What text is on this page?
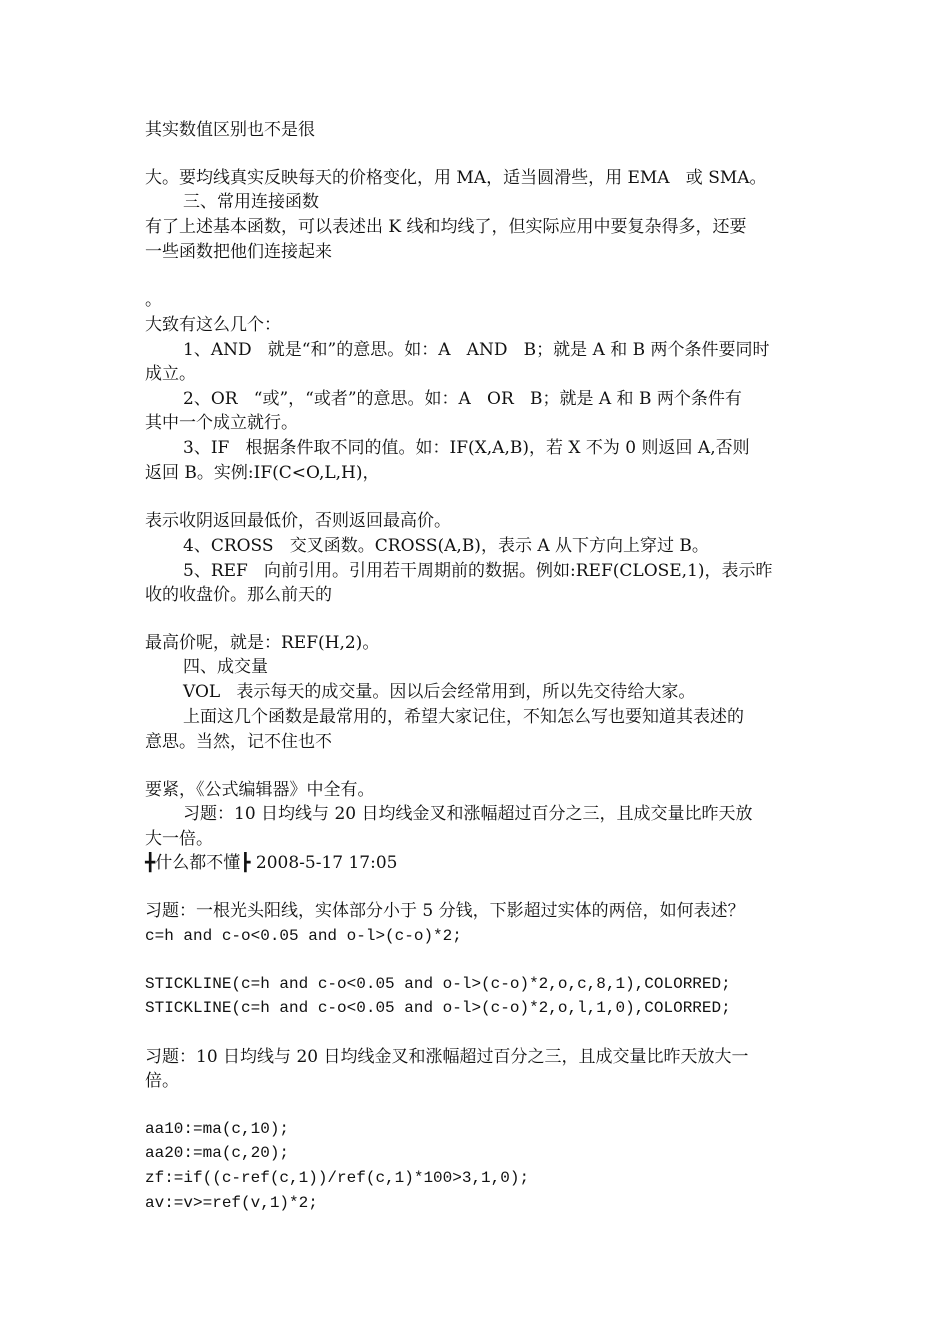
其实数值区别也不是很
大。要均线真实反映每天的价格变化，用 MA，适当圆滑些，用 EMA   或 SMA。
三、常用连接函数
有了上述基本函数，可以表述出 K 线和均线了，但实际应用中要复杂得多，还要
一些函数把他们连接起来
。
大致有这么几个：
1、AND   就是“和”的意思。如：A   AND   B；就是 A 和 B 两个条件要同时
成立。
2、OR   “或”，“或者”的意思。如：A   OR   B；就是 A 和 B 两个条件有
其中一个成立就行。
3、IF   根据条件取不同的值。如：IF(X,A,B)，若 X 不为 0 则返回 A,否则
返回 B。实例:IF(C<O,L,H)，
表示收阴返回最低价，否则返回最高价。
4、CROSS   交叉函数。CROSS(A,B)，表示 A 从下方向上穿过 B。
5、REF   向前引用。引用若干周期前的数据。例如:REF(CLOSE,1)，表示昨
收的收盘价。那么前天的
最高价呢，就是：REF(H,2)。
四、成交量
VOL   表示每天的成交量。因以后会经常用到，所以先交待给大家。
上面这几个函数是最常用的，希望大家记住，不知怎么写也要知道其表述的
意思。当然，记不住也不
要紧，《公式编辑器》中全有。
习题：10 日均线与 20 日均线金叉和涨幅超过百分之三，且成交量比昨天放
大一倍。
╋什么都不懂┣ 2008-5-17 17:05
习题：一根光头阳线，实体部分小于 5 分钱，下影超过实体的两倍，如何表述？
c=h and c-o<0.05 and o-l>(c-o)*2;
STICKLINE(c=h and c-o<0.05 and o-l>(c-o)*2,o,c,8,1),COLORRED;
STICKLINE(c=h and c-o<0.05 and o-l>(c-o)*2,o,l,1,0),COLORRED;
习题：10 日均线与 20 日均线金叉和涨幅超过百分之三，且成交量比昨天放大一
倍。
aa10:=ma(c,10);
aa20:=ma(c,20);
zf:=if((c-ref(c,1))/ref(c,1)*100>3,1,0);
av:=v>=ref(v,1)*2;
